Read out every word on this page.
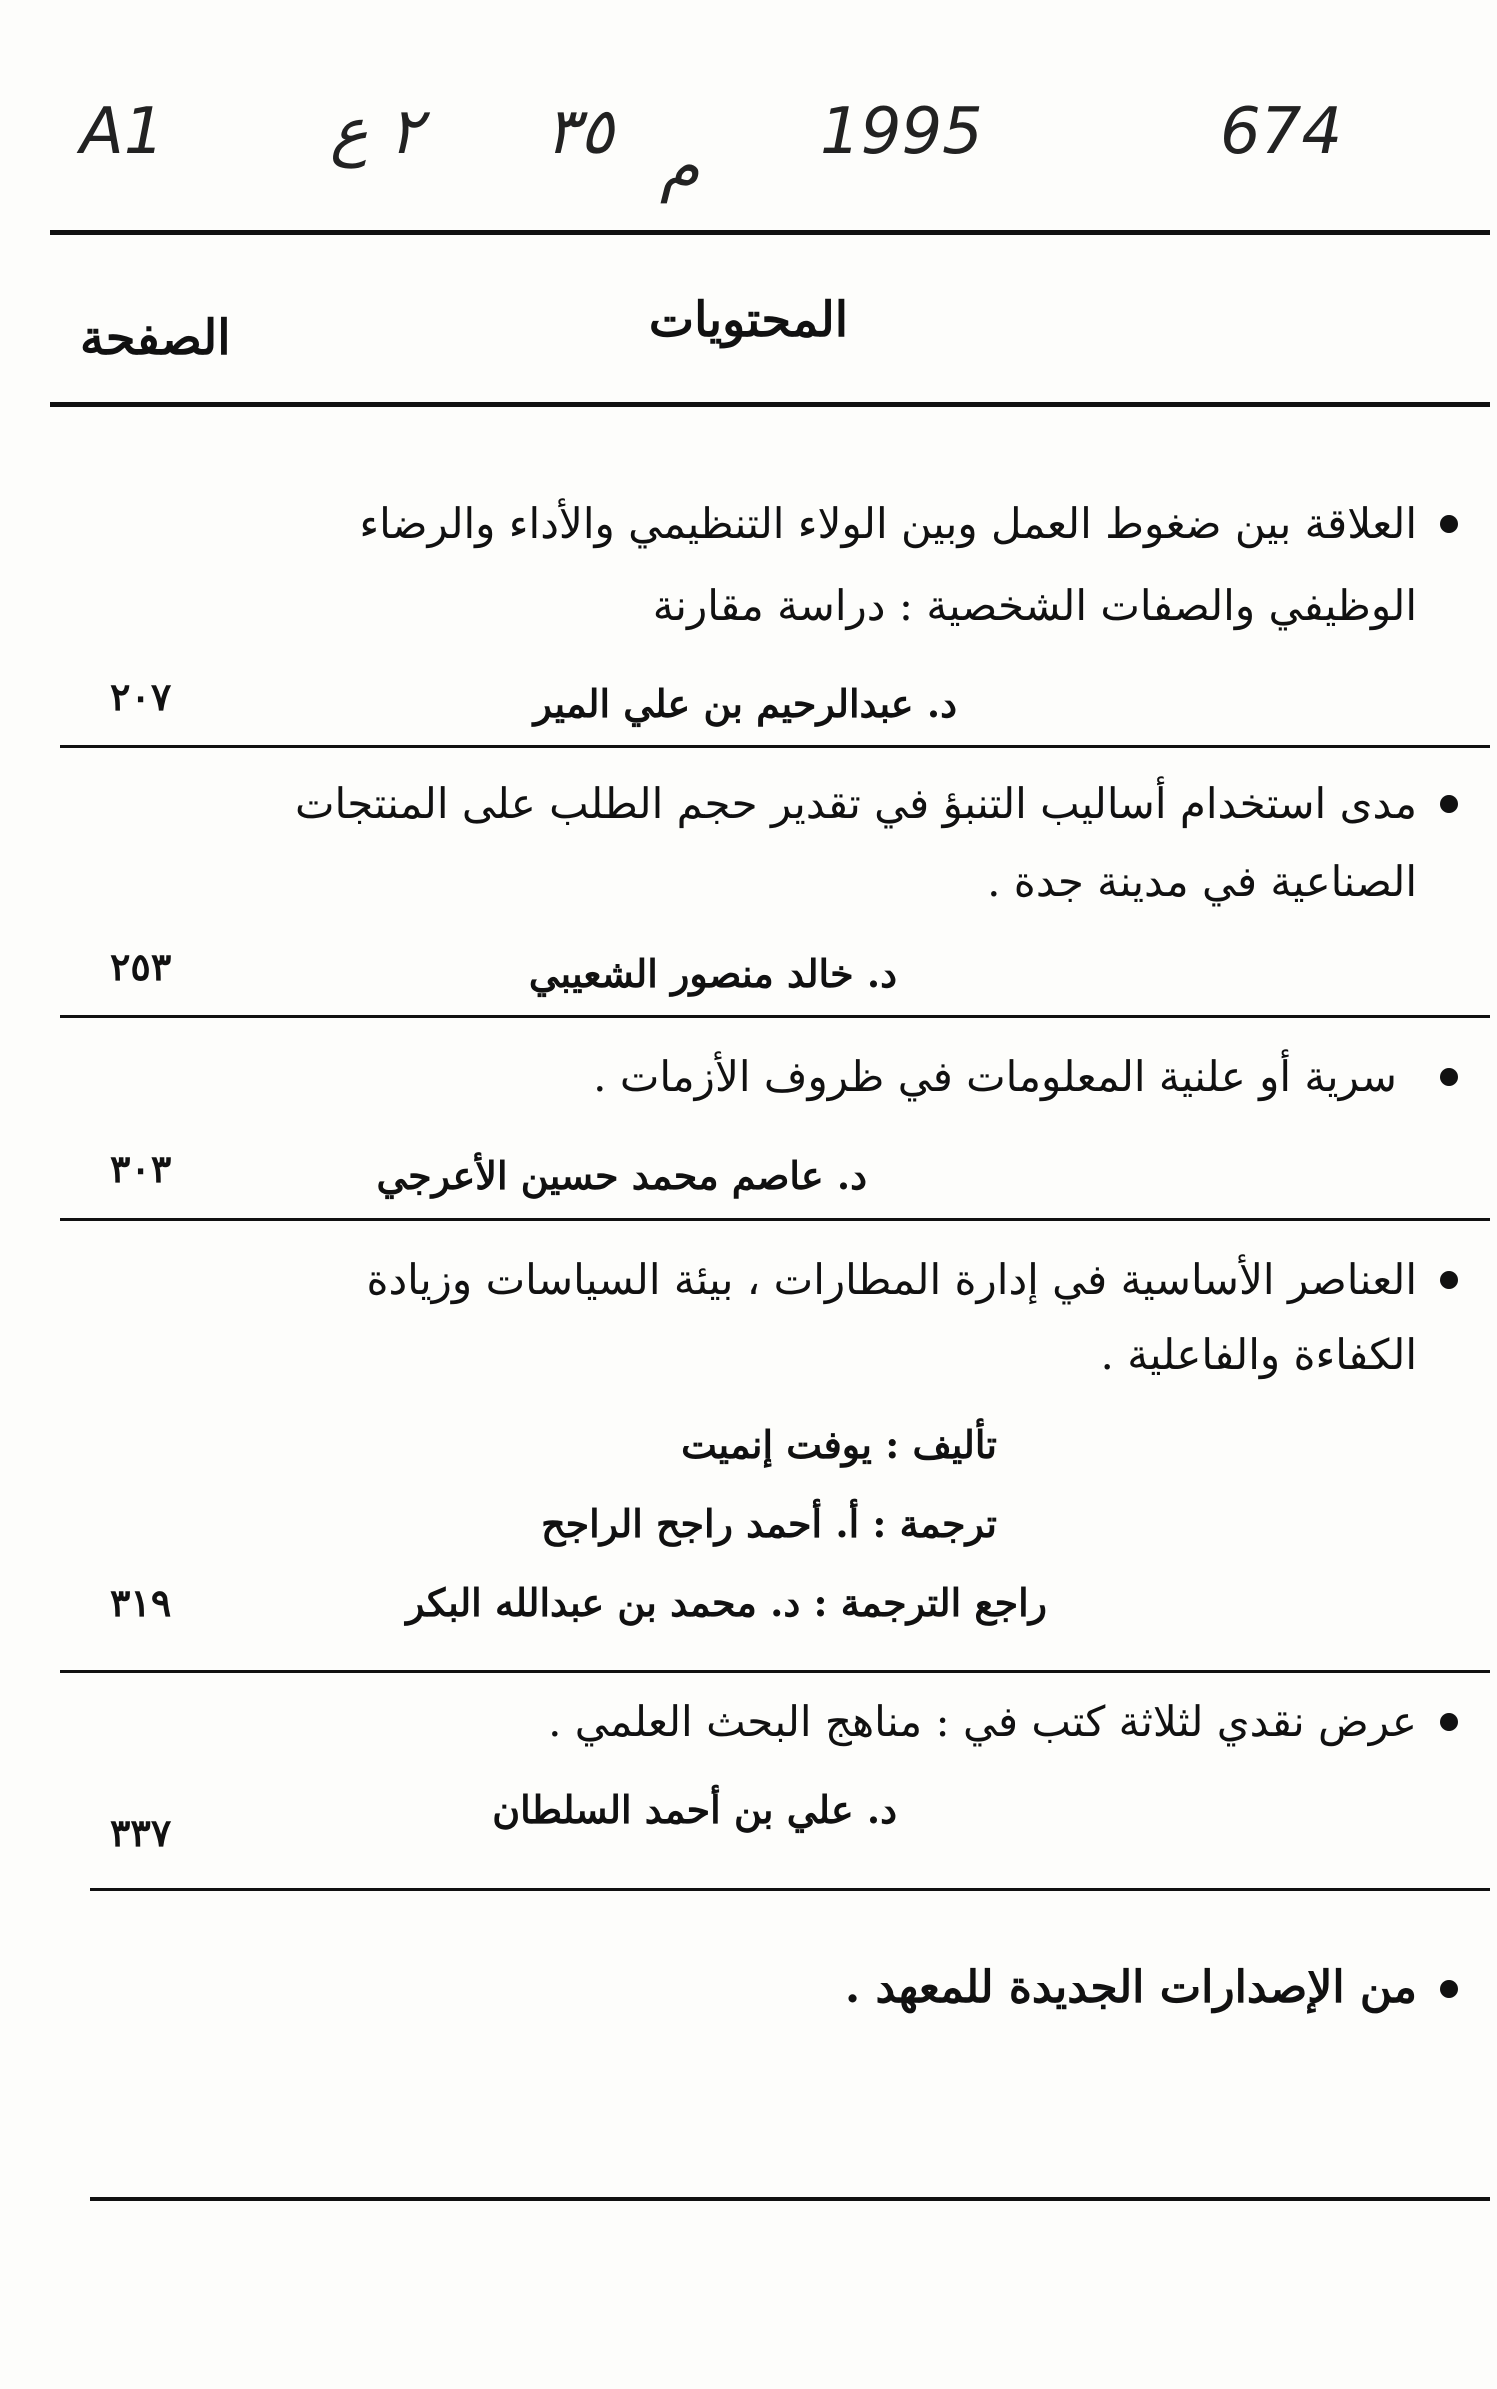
A1	٢ ع ٣٥ م 1995	674
المحتويات
الصفحة
العلاقة بين ضغوط العمل وبين الولاء التنظيمي والأداء والرضاء
الوظيفي والصفات الشخصية : دراسة مقارنة
د. عبدالرحيم بن علي المير
٢٠٧
مدى استخدام أساليب التنبؤ في تقدير حجم الطلب على المنتجات
الصناعية في مدينة جدة .
د. خالد منصور الشعيبي
٢٥٣
سرية أو علنية المعلومات في ظروف الأزمات .
د. عاصم محمد حسين الأعرجي
٣٠٣
العناصر الأساسية في إدارة المطارات ، بيئة السياسات وزيادة
الكفاءة والفاعلية .
تأليف : يوفت إنميت
ترجمة : أ. أحمد راجح الراجح
راجع الترجمة : د. محمد بن عبدالله البكر
٣١٩
عرض نقدي لثلاثة كتب في : مناهج البحث العلمي .
د. علي بن أحمد السلطان
٣٣٧
من الإصدارات الجديدة للمعهد .
